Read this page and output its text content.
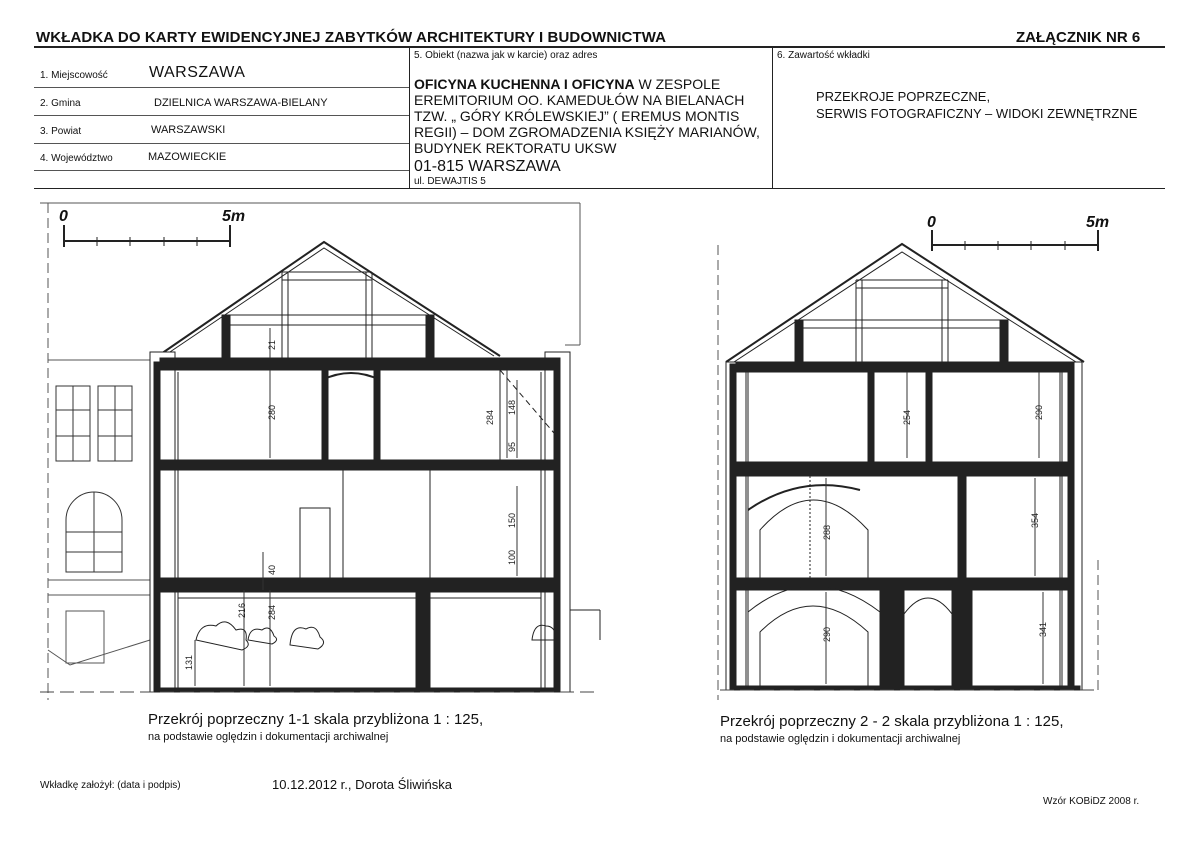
WKŁADKA DO KARTY EWIDENCYJNEJ ZABYTKÓW ARCHITEKTURY I BUDOWNICTWA	ZAŁĄCZNIK NR 6
1. Miejscowość	WARSZAWA
2. Gmina	DZIELNICA WARSZAWA-BIELANY
3. Powiat	WARSZAWSKI
4. Województwo	MAZOWIECKIE
5. Obiekt (nazwa jak w karcie) oraz adres
OFICYNA KUCHENNA I OFICYNA W ZESPOLE
EREMITORIUM OO. KAMEDUŁÓW NA BIELANACH
TZW. „ GÓRY KRÓLEWSKIEJ” ( EREMUS MONTIS
REGII) – DOM ZGROMADZENIA KSIĘŻY MARIANÓW,
BUDYNEK REKTORATU UKSW
01-815 WARSZAWA
ul. DEWAJTIS 5
6. Zawartość wkładki
PRZEKROJE POPRZECZNE,
SERWIS FOTOGRAFICZNY – WIDOKI ZEWNĘTRZNE
0	5m	0	5m
21
280	284
148
95
150
100
40
216 284
131
254	290
288
354
290	341
Przekrój poprzeczny 1-1 skala przybliżona 1 : 125,
na podstawie oględzin i dokumentacji archiwalnej
Przekrój poprzeczny 2 - 2 skala przybliżona 1 : 125,
na podstawie oględzin i dokumentacji archiwalnej
Wkładkę założył: (data i podpis)	10.12.2012 r., Dorota Śliwińska
Wzór KOBiDZ 2008 r.
